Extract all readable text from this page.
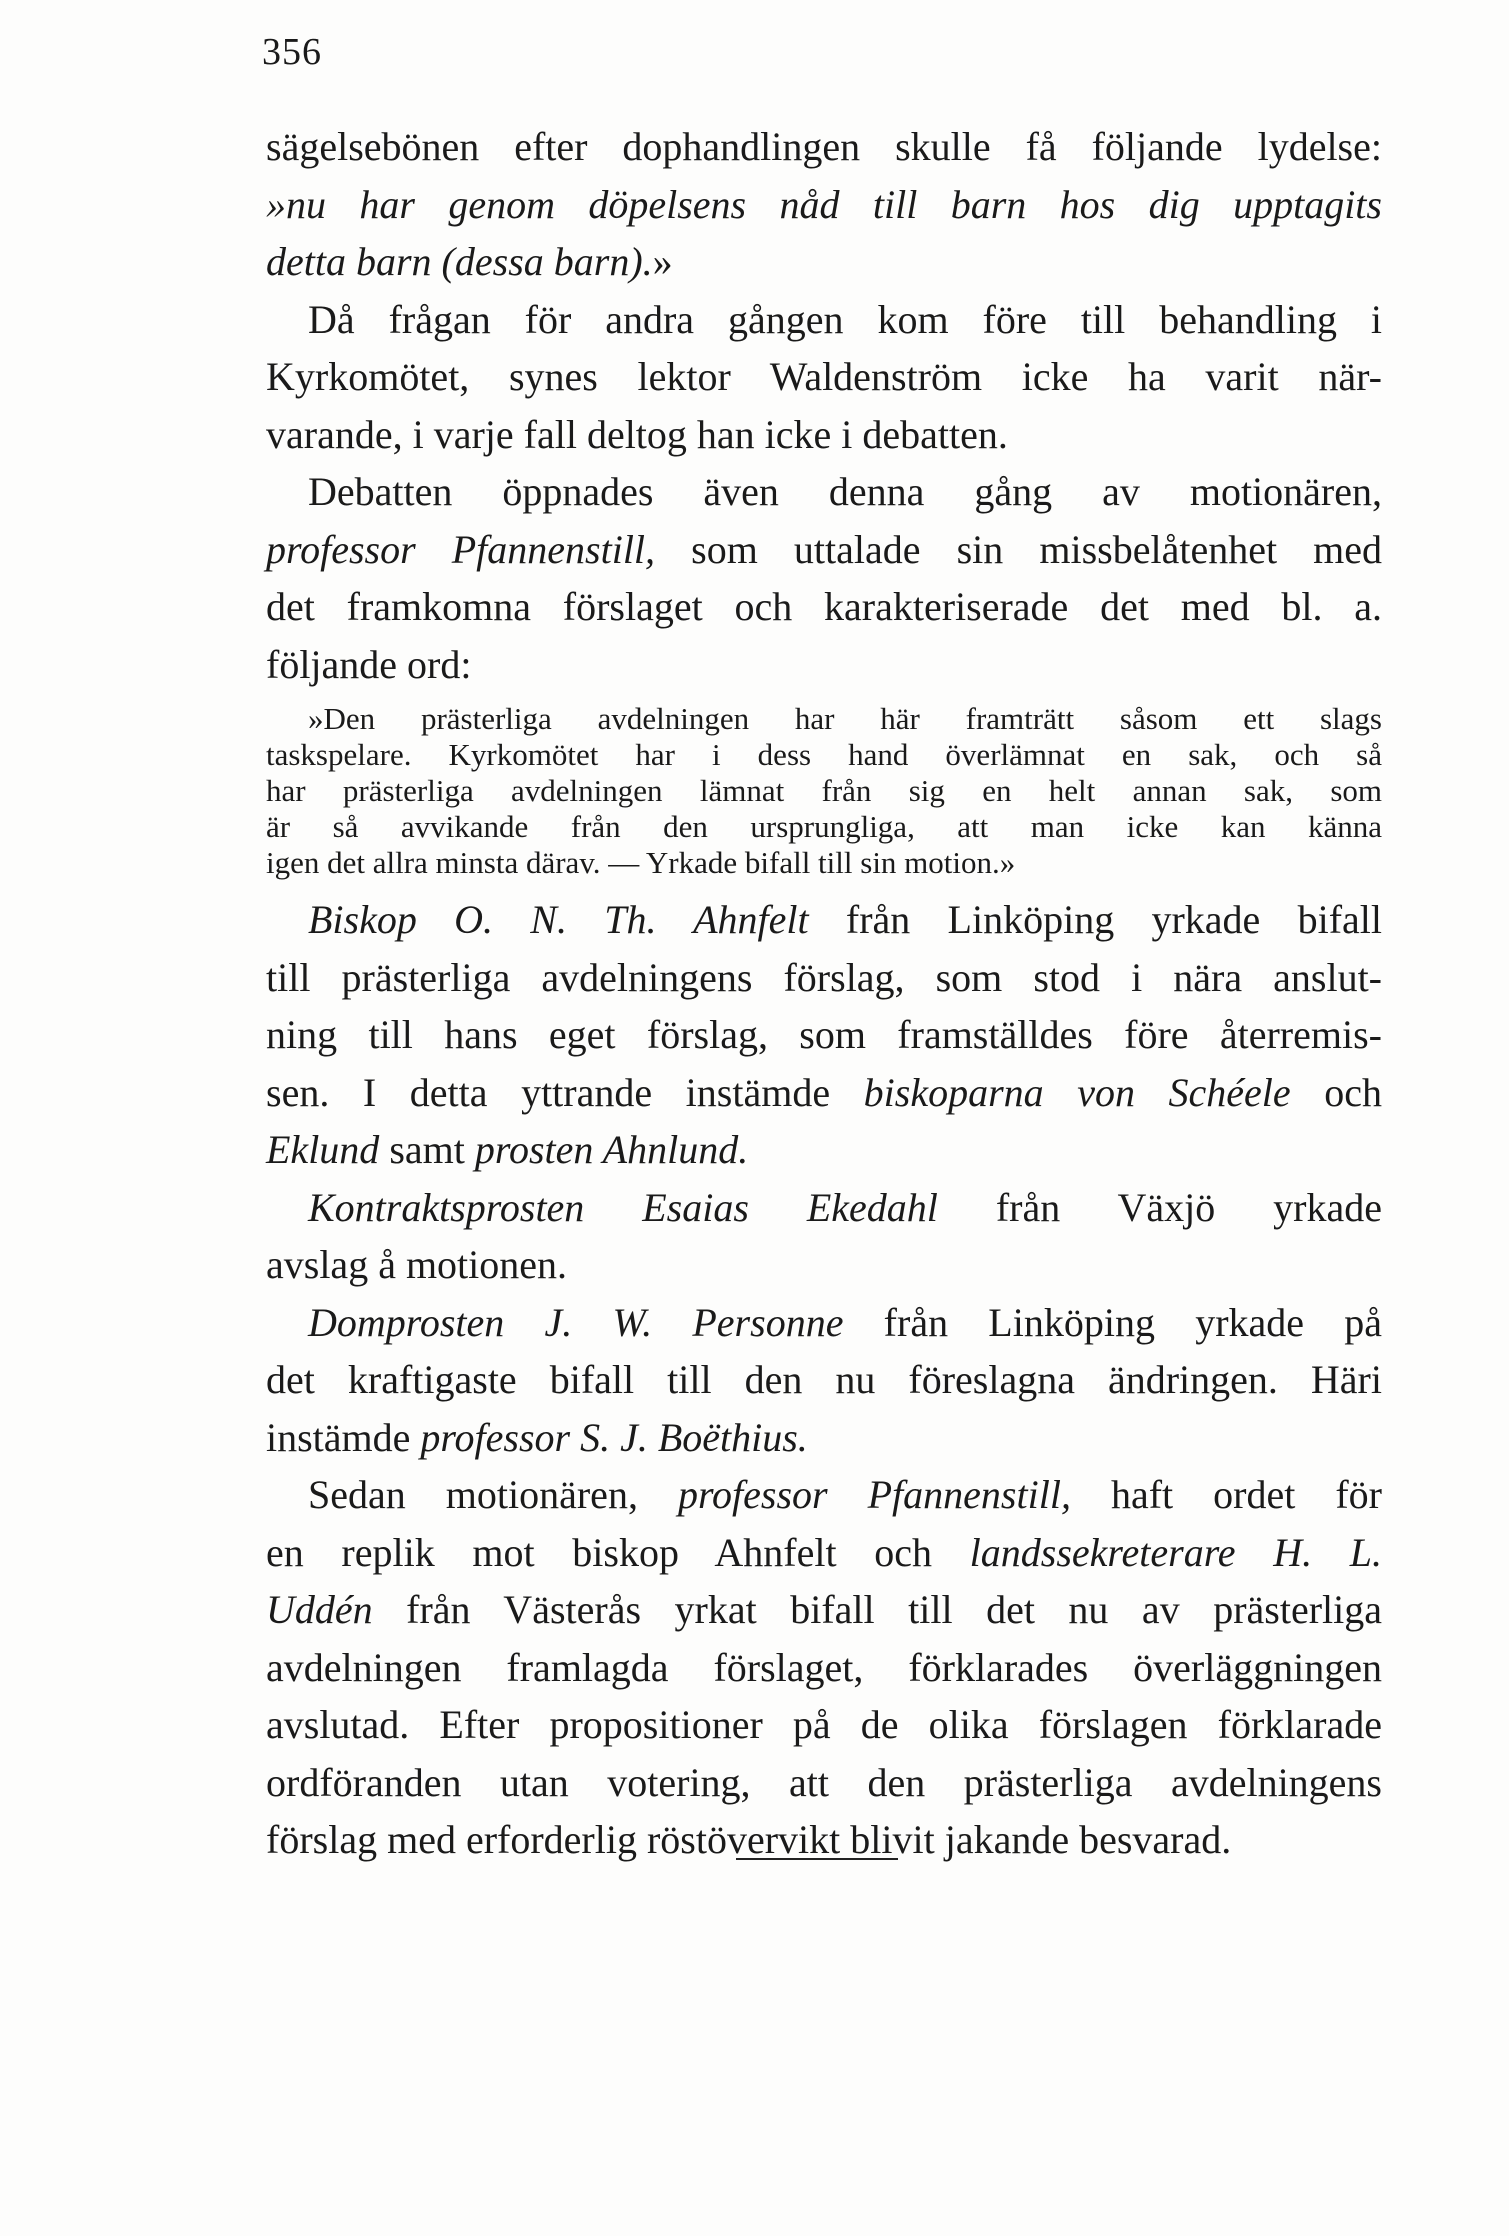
356
sägelsebönen efter dophandlingen skulle få följande lydelse:
»nu har genom döpelsens nåd till barn hos dig upptagits
detta barn (dessa barn).»
Då frågan för andra gången kom före till behandling i
Kyrkomötet, synes lektor Waldenström icke ha varit när-
varande, i varje fall deltog han icke i debatten.
Debatten öppnades även denna gång av motionären,
professor Pfannenstill, som uttalade sin missbelåtenhet med
det framkomna förslaget och karakteriserade det med bl. a.
följande ord:
»Den prästerliga avdelningen har här framträtt såsom ett slags
taskspelare. Kyrkomötet har i dess hand överlämnat en sak, och så
har prästerliga avdelningen lämnat från sig en helt annan sak, som
är så avvikande från den ursprungliga, att man icke kan känna
igen det allra minsta därav. — Yrkade bifall till sin motion.»
Biskop O. N. Th. Ahnfelt från Linköping yrkade bifall
till prästerliga avdelningens förslag, som stod i nära anslut-
ning till hans eget förslag, som framställdes före återremis-
sen. I detta yttrande instämde biskoparna von Schéele och
Eklund samt prosten Ahnlund.
Kontraktsprosten Esaias Ekedahl från Växjö yrkade
avslag å motionen.
Domprosten J. W. Personne från Linköping yrkade på
det kraftigaste bifall till den nu föreslagna ändringen. Häri
instämde professor S. J. Boëthius.
Sedan motionären, professor Pfannenstill, haft ordet för
en replik mot biskop Ahnfelt och landssekreterare H. L.
Uddén från Västerås yrkat bifall till det nu av prästerliga
avdelningen framlagda förslaget, förklarades överläggningen
avslutad. Efter propositioner på de olika förslagen förklarade
ordföranden utan votering, att den prästerliga avdelningens
förslag med erforderlig röstövervikt blivit jakande besvarad.
